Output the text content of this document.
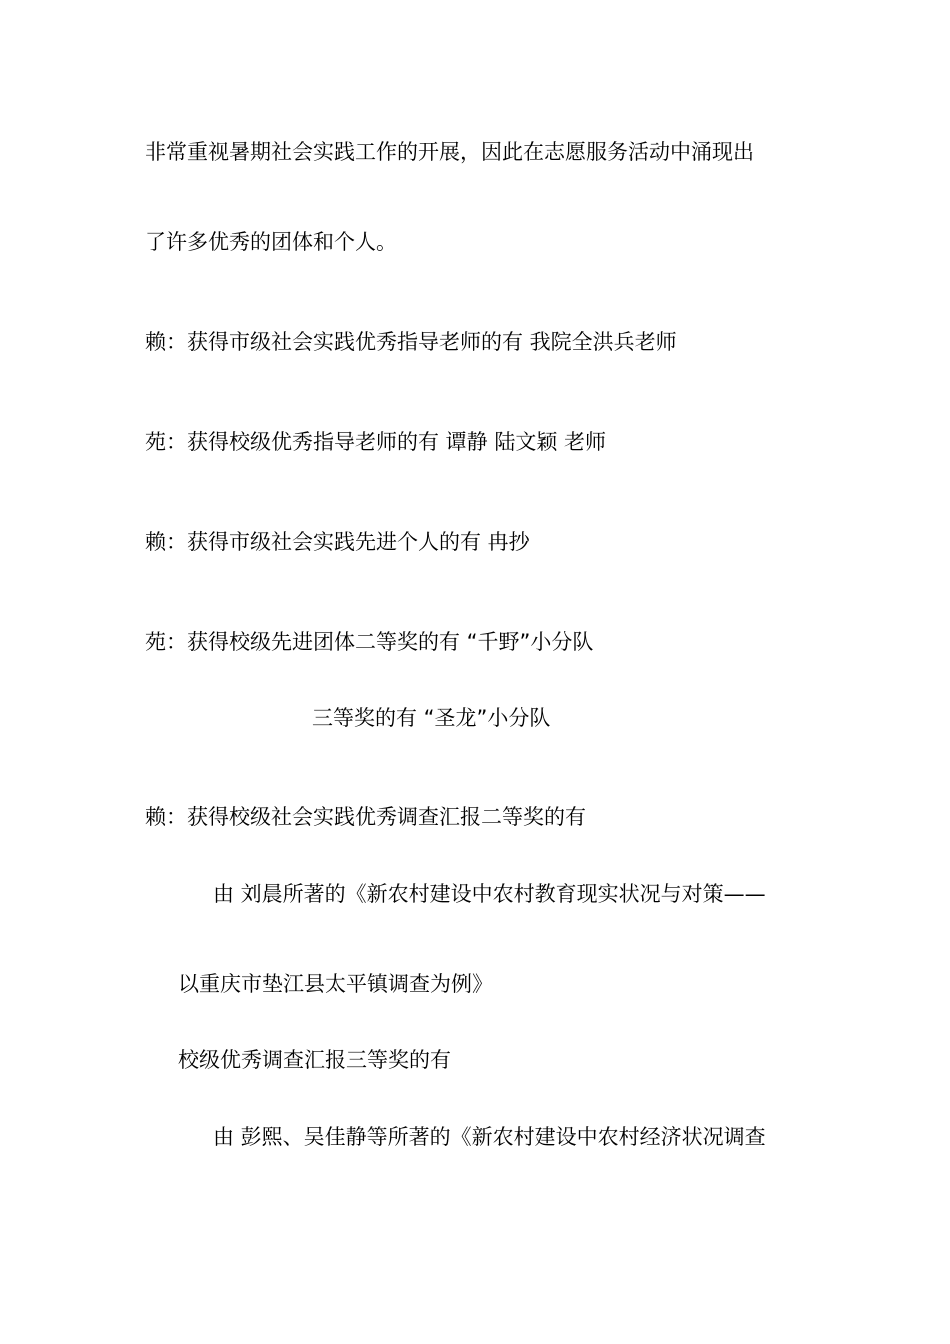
非常重视暑期社会实践工作的开展，因此在志愿服务活动中涌现出

了许多优秀的团体和个人。

赖：获得市级社会实践优秀指导老师的有 我院全洪兵老师

苑：获得校级优秀指导老师的有 谭静 陆文颖 老师

赖：获得市级社会实践先进个人的有 冉抄

苑：获得校级先进团体二等奖的有 “千野”小分队

三等奖的有 “圣龙”小分队

赖：获得校级社会实践优秀调查汇报二等奖的有

由 刘晨所著的《新农村建设中农村教育现实状况与对策——

以重庆市垫江县太平镇调查为例》

校级优秀调查汇报三等奖的有

由 彭熙、吴佳静等所著的《新农村建设中农村经济状况调查
